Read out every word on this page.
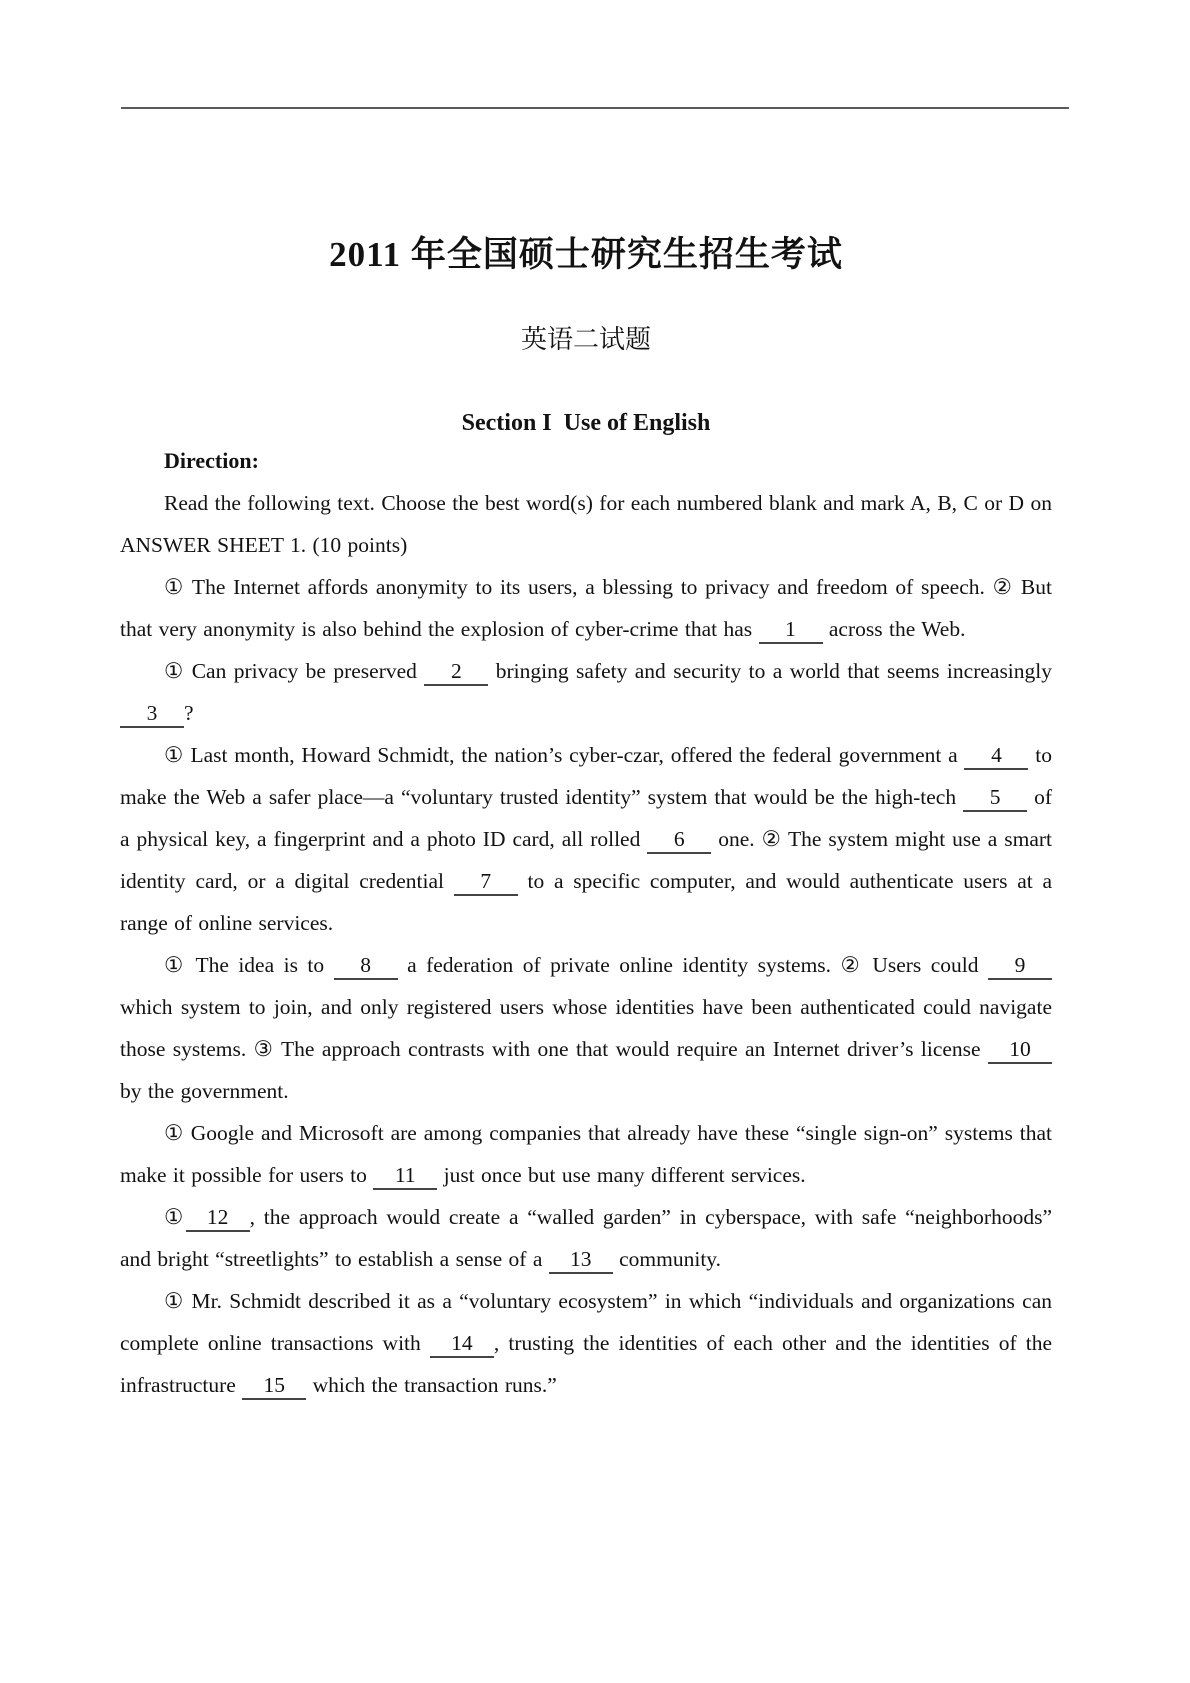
2011 年全国硕士研究生招生考试
英语二试题
Section I  Use of English

Direction:

Read the following text. Choose the best word(s) for each numbered blank and mark A, B, C or D on ANSWER SHEET 1. (10 points)

① The Internet affords anonymity to its users, a blessing to privacy and freedom of speech. ② But that very anonymity is also behind the explosion of cyber-crime that has 1 across the Web.

① Can privacy be preserved 2 bringing safety and security to a world that seems increasingly 3 ?

① Last month, Howard Schmidt, the nation’s cyber-czar, offered the federal government a 4 to make the Web a safer place—a “voluntary trusted identity” system that would be the high-tech 5 of a physical key, a fingerprint and a photo ID card, all rolled 6 one. ② The system might use a smart identity card, or a digital credential 7 to a specific computer, and would authenticate users at a range of online services.

① The idea is to 8 a federation of private online identity systems. ② Users could 9 which system to join, and only registered users whose identities have been authenticated could navigate those systems. ③ The approach contrasts with one that would require an Internet driver’s license 10 by the government.

① Google and Microsoft are among companies that already have these “single sign-on” systems that make it possible for users to 11 just once but use many different services.

① 12 , the approach would create a “walled garden” in cyberspace, with safe “neighborhoods” and bright “streetlights” to establish a sense of a 13 community.

① Mr. Schmidt described it as a “voluntary ecosystem” in which “individuals and organizations can complete online transactions with 14 , trusting the identities of each other and the identities of the infrastructure 15 which the transaction runs.”
